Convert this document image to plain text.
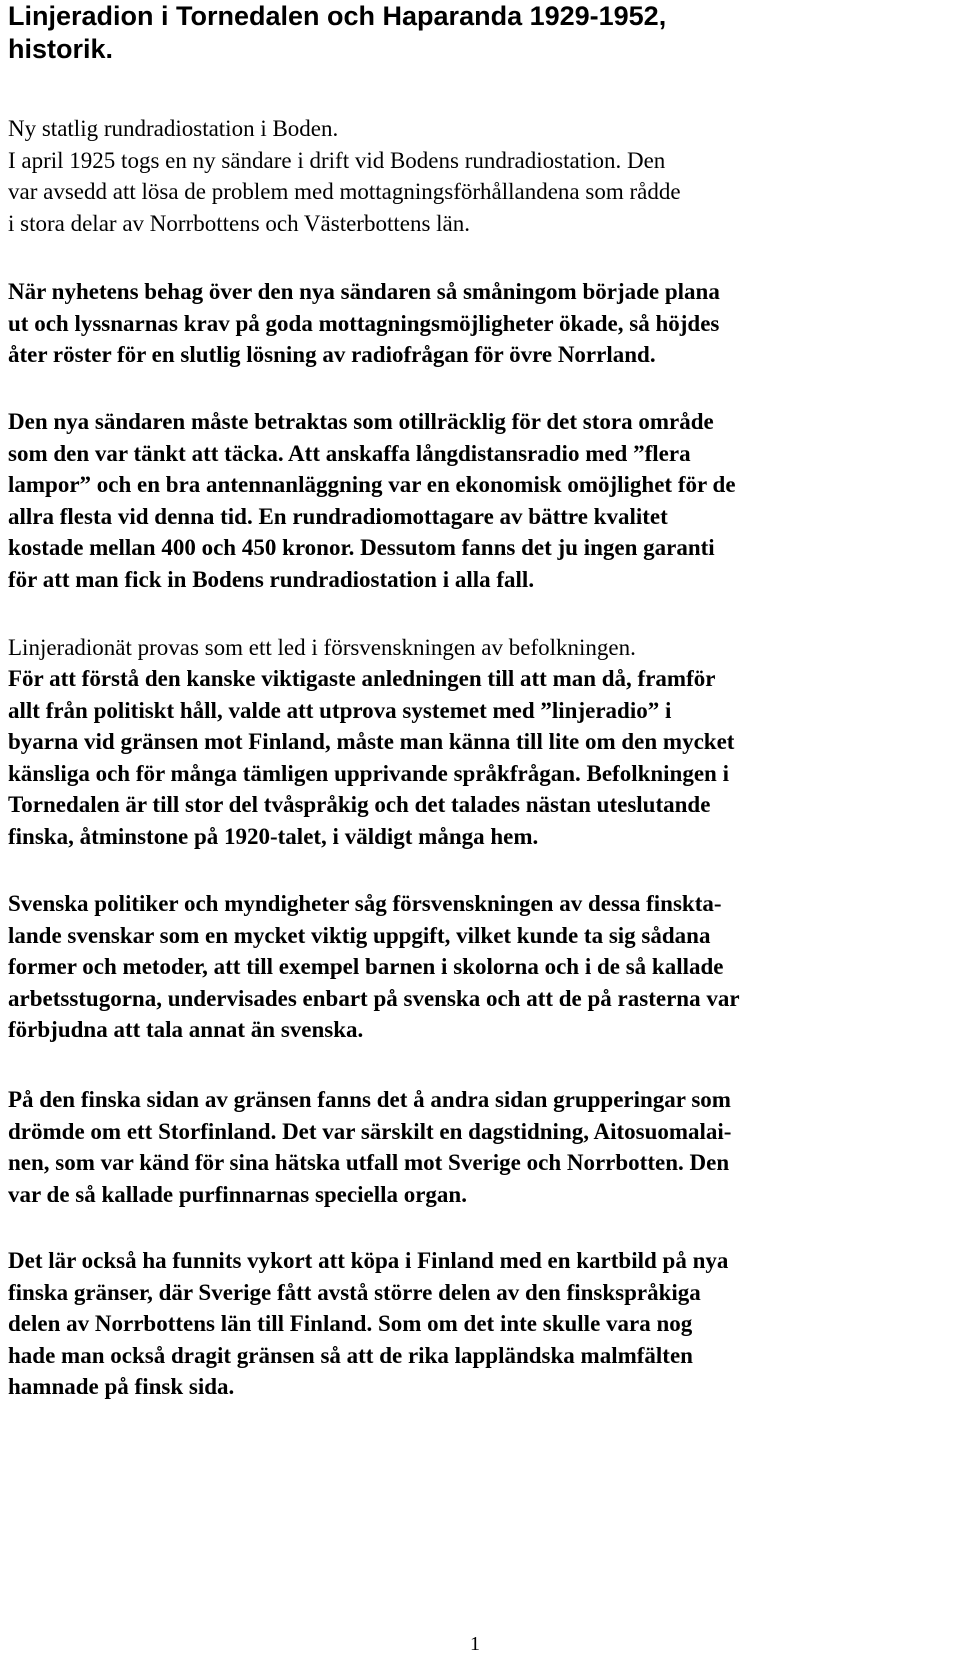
Linjeradion i Tornedalen och Haparanda 1929-1952,
historik.
Ny statlig rundradiostation i Boden.
I april 1925 togs en ny sändare i drift vid Bodens rundradiostation. Den
var avsedd att lösa de problem med mottagningsförhållandena som rådde
i stora delar av Norrbottens och Västerbottens län.
När nyhetens behag över den nya sändaren så småningom började plana
ut och lyssnarnas krav på goda mottagningsmöjligheter ökade, så höjdes
åter röster för en slutlig lösning av radiofrågan för övre Norrland.
Den nya sändaren måste betraktas som otillräcklig för det stora område
som den var tänkt att täcka. Att anskaffa långdistansradio med ”flera
lampor” och en bra antennanläggning var en ekonomisk omöjlighet för de
allra flesta vid denna tid. En rundradiomottagare av bättre kvalitet
kostade mellan 400 och 450 kronor. Dessutom fanns det ju ingen garanti
för att man fick in Bodens rundradiostation i alla fall.
Linjeradionät provas som ett led i försvenskningen av befolkningen.
För att förstå den kanske viktigaste anledningen till att man då, framför
allt från politiskt håll, valde att utprova systemet med ”linjeradio” i
byarna vid gränsen mot Finland, måste man känna till lite om den mycket
känsliga och för många tämligen upprivande språkfrågan. Befolkningen i
Tornedalen är till stor del tvåspråkig och det talades nästan uteslutande
finska, åtminstone på 1920-talet, i väldigt många hem.
Svenska politiker och myndigheter såg försvenskningen av dessa finskta-
lande svenskar som en mycket viktig uppgift, vilket kunde ta sig sådana
former och metoder, att till exempel barnen i skolorna och i de så kallade
arbetsstugorna, undervisades enbart på svenska och att de på rasterna var
förbjudna att tala annat än svenska.
På den finska sidan av gränsen fanns det å andra sidan grupperingar som
drömde om ett Storfinland. Det var särskilt en dagstidning, Aitosuomalai-
nen, som var känd för sina hätska utfall mot Sverige och Norrbotten. Den
var de så kallade purfinnarnas speciella organ.
Det lär också ha funnits vykort att köpa i Finland med en kartbild på nya
finska gränser, där Sverige fått avstå större delen av den finskspråkiga
delen av Norrbottens län till Finland. Som om det inte skulle vara nog
hade man också dragit gränsen så att de rika lappländska malmfälten
hamnade på finsk sida.
1
